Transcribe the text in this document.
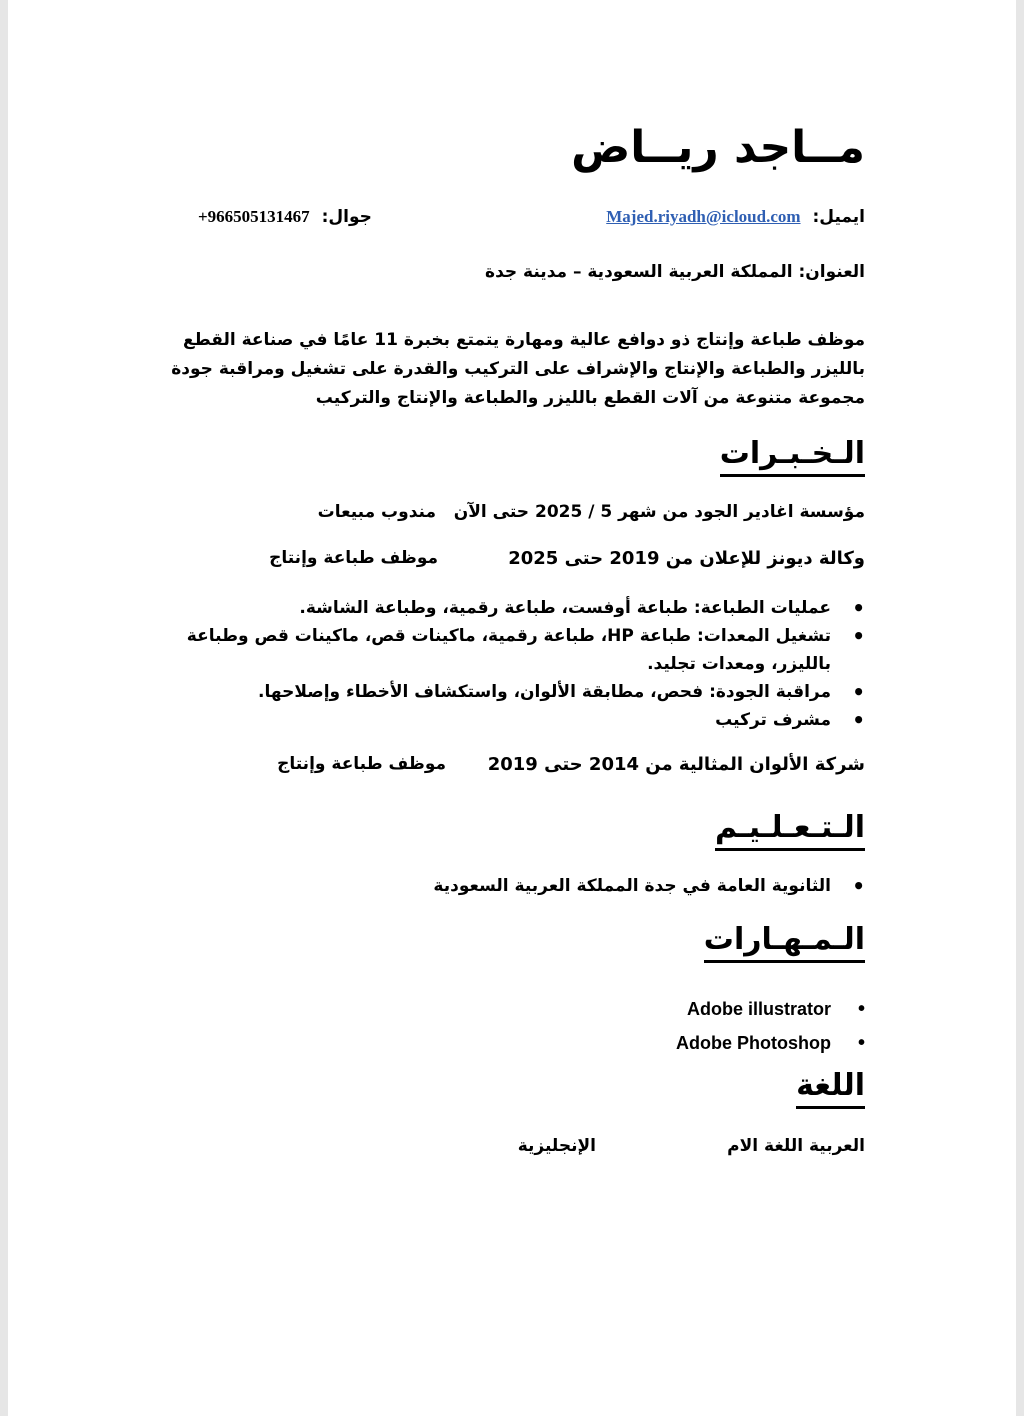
مــاجد ريــاض
ايميل: Majed.riyadh@icloud.com
جوال: +966505131467
العنوان: المملكة العربية السعودية – مدينة جدة
موظف طباعة وإنتاج ذو دوافع عالية ومهارة يتمتع بخبرة 11 عامًا في صناعة القطع بالليزر والطباعة والإنتاج والإشراف على التركيب والقدرة على تشغيل ومراقبة جودة مجموعة متنوعة من آلات القطع بالليزر والطباعة والإنتاج والتركيب
الـخـبـرات
مؤسسة اغادير الجود من شهر 5 / 2025 حتى الآن
مندوب مبيعات
وكالة ديونز للإعلان من 2019 حتى 2025
موظف طباعة وإنتاج
• عمليات الطباعة: طباعة أوفست، طباعة رقمية، وطباعة الشاشة.
• تشغيل المعدات: طباعة HP، طباعة رقمية، ماكينات قص، ماكينات قص وطباعة بالليزر، ومعدات تجليد.
• مراقبة الجودة: فحص، مطابقة الألوان، واستكشاف الأخطاء وإصلاحها.
• مشرف تركيب
شركة الألوان المثالية من 2014 حتى 2019
موظف طباعة وإنتاج
الـتـعـلـيـم
• الثانوية العامة في جدة المملكة العربية السعودية
الـمـهـارات
Adobe illustrator •
Adobe Photoshop •
اللغة
العربية اللغة الام
الإنجليزية
